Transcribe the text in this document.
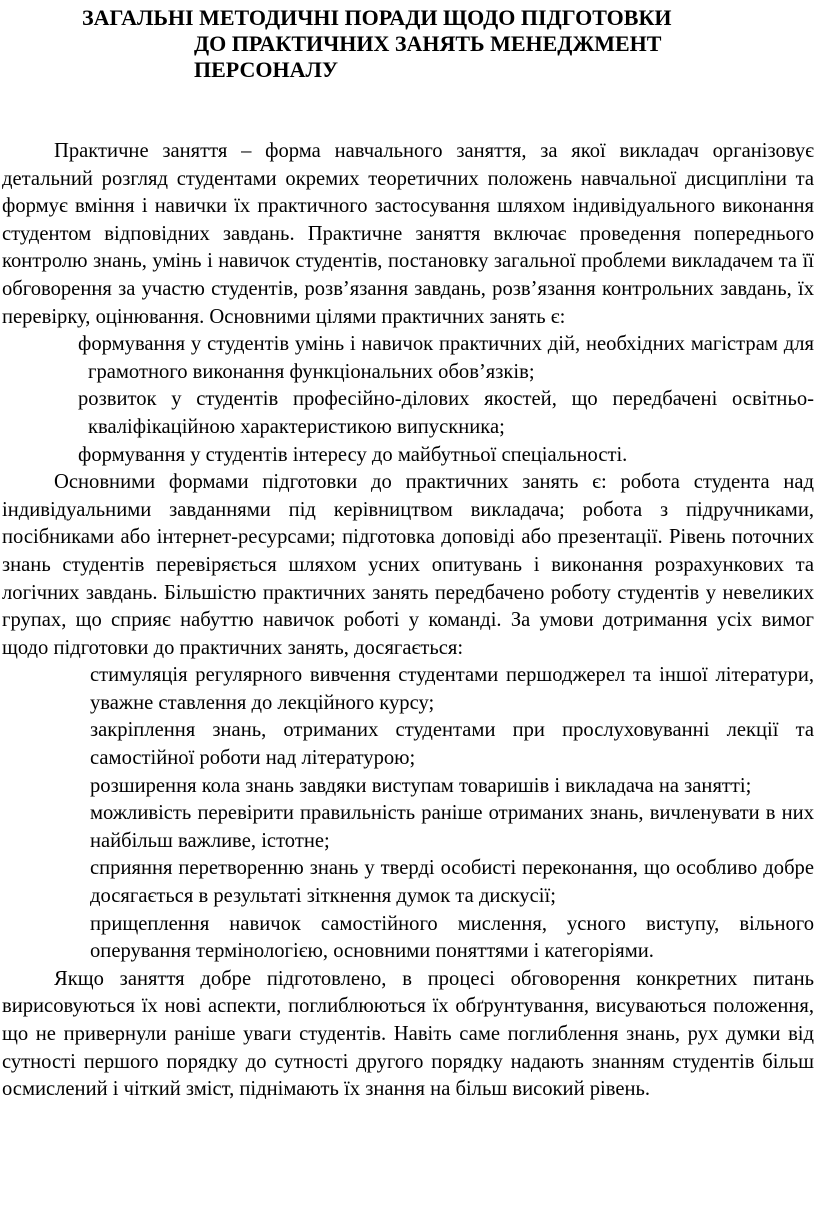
ЗАГАЛЬНІ МЕТОДИЧНІ ПОРАДИ ЩОДО ПІДГОТОВКИ
ДО ПРАКТИЧНИХ ЗАНЯТЬ МЕНЕДЖМЕНТ
ПЕРСОНАЛУ

Практичне заняття – форма навчального заняття, за якої викладач організовує детальний розгляд студентами окремих теоретичних положень навчальної дисципліни та формує вміння і навички їх практичного застосування шляхом індивідуального виконання студентом відповідних завдань. Практичне заняття включає проведення попереднього контролю знань, умінь і навичок студентів, постановку загальної проблеми викладачем та її обговорення за участю студентів, розв’язання завдань, розв’язання контрольних завдань, їх перевірку, оцінювання. Основними цілями практичних занять є:

формування у студентів умінь і навичок практичних дій, необхідних магістрам для грамотного виконання функціональних обов’язків;

розвиток у студентів професійно-ділових якостей, що передбачені освітньо-кваліфікаційною характеристикою випускника;

формування у студентів інтересу до майбутньої спеціальності.

Основними формами підготовки до практичних занять є: робота студента над індивідуальними завданнями під керівництвом викладача; робота з підручниками, посібниками або інтернет-ресурсами; підготовка доповіді або презентації. Рівень поточних знань студентів перевіряється шляхом усних опитувань і виконання розрахункових та логічних завдань. Більшістю практичних занять передбачено роботу студентів у невеликих групах, що сприяє набуттю навичок роботі у команді. За умови дотримання усіх вимог щодо підготовки до практичних занять, досягається:

стимуляція регулярного вивчення студентами першоджерел та іншої літератури, уважне ставлення до лекційного курсу;

закріплення знань, отриманих студентами при прослуховуванні лекції та самостійної роботи над літературою;

розширення кола знань завдяки виступам товаришів і викладача на занятті;

можливість перевірити правильність раніше отриманих знань, вичленувати в них найбільш важливе, істотне;

сприяння перетворенню знань у тверді особисті переконання, що особливо добре досягається в результаті зіткнення думок та дискусії;

прищеплення навичок самостійного мислення, усного виступу, вільного оперування термінологією, основними поняттями і категоріями.

Якщо заняття добре підготовлено, в процесі обговорення конкретних питань вирисовуються їх нові аспекти, поглиблюються їх обґрунтування, висуваються положення, що не привернули раніше уваги студентів. Навіть саме поглиблення знань, рух думки від сутності першого порядку до сутності другого порядку надають знанням студентів більш осмислений і чіткий зміст, піднімають їх знання на більш високий рівень.
